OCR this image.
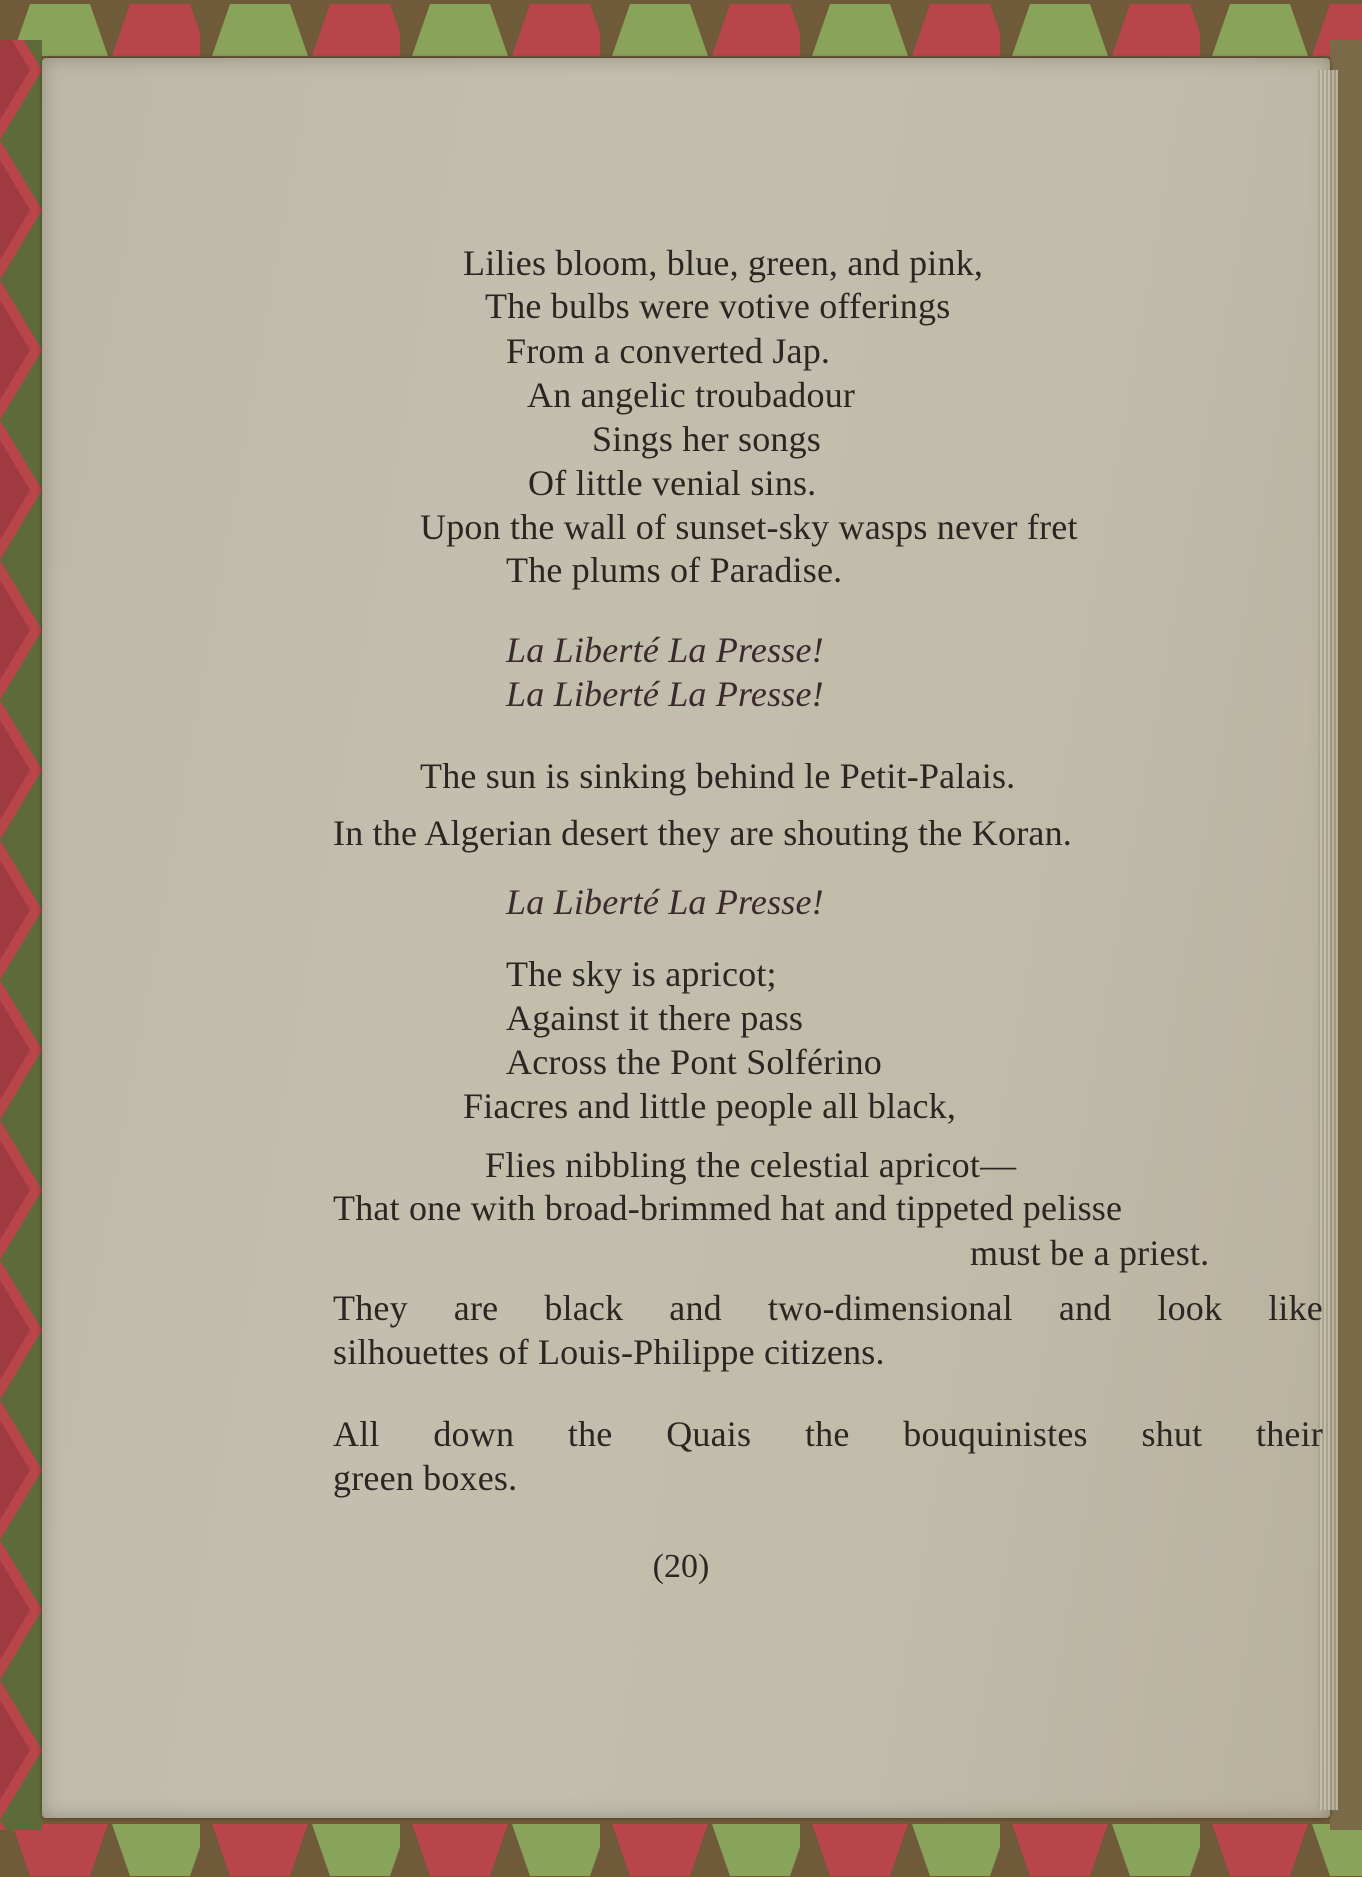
Lilies bloom, blue, green, and pink,

The bulbs were votive offerings

From a converted Jap.

An angelic troubadour

Sings her songs

Of little venial sins.

Upon the wall of sunset-sky wasps never fret

The plums of Paradise.

La Liberté La Presse!

La Liberté La Presse!

The sun is sinking behind le Petit-Palais.

In the Algerian desert they are shouting the Koran.

La Liberté La Presse!

The sky is apricot;

Against it there pass

Across the Pont Solférino

Fiacres and little people all black,

Flies nibbling the celestial apricot—

That one with broad-brimmed hat and tippeted pelisse

must be a priest.

They are black and two-dimensional and look like

silhouettes of Louis-Philippe citizens.

All down the Quais the bouquinistes shut their

green boxes.

(20)
